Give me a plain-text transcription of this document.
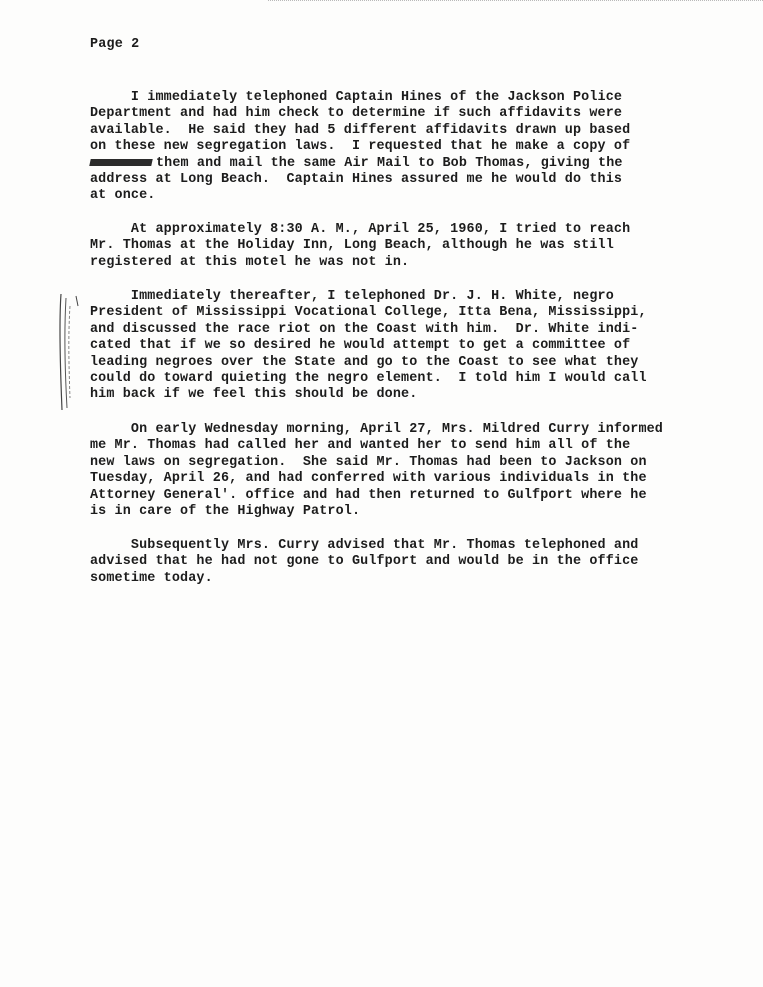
Page 2
I immediately telephoned Captain Hines of the Jackson Police
Department and had him check to determine if such affidavits were
available.  He said they had 5 different affidavits drawn up based
on these new segregation laws.  I requested that he make a copy of
them and mail the same Air Mail to Bob Thomas, giving the
address at Long Beach.  Captain Hines assured me he would do this
at once.
At approximately 8:30 A. M., April 25, 1960, I tried to reach
Mr. Thomas at the Holiday Inn, Long Beach, although he was still
registered at this motel he was not in.
Immediately thereafter, I telephoned Dr. J. H. White, negro
President of Mississippi Vocational College, Itta Bena, Mississippi,
and discussed the race riot on the Coast with him.  Dr. White indi-
cated that if we so desired he would attempt to get a committee of
leading negroes over the State and go to the Coast to see what they
could do toward quieting the negro element.  I told him I would call
him back if we feel this should be done.
On early Wednesday morning, April 27, Mrs. Mildred Curry informed
me Mr. Thomas had called her and wanted her to send him all of the
new laws on segregation.  She said Mr. Thomas had been to Jackson on
Tuesday, April 26, and had conferred with various individuals in the
Attorney General'. office and had then returned to Gulfport where he
is in care of the Highway Patrol.
Subsequently Mrs. Curry advised that Mr. Thomas telephoned and
advised that he had not gone to Gulfport and would be in the office
sometime today.
